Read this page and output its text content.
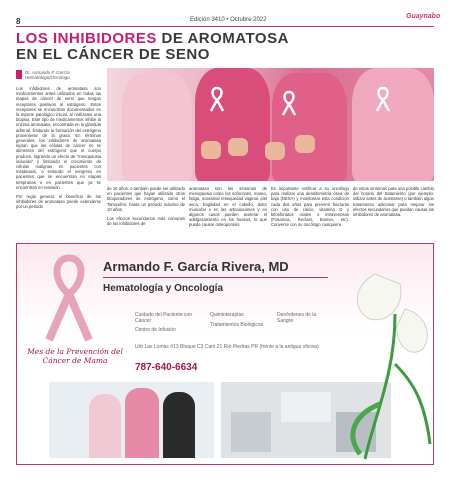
8	Edición 3410 • Octubre 2022	Guaynabo
LOS INHIBIDORES DE AROMATOSA
EN EL CÁNCER DE SENO
Dr. Armando F. García Hematólogo/Oncólogo

Los inhibidores de aromatasa son medicamentos antes utilizados en todas las etapas de cáncer de seno que tengan receptores positivos al estrógeno. Estos receptores se encuentran documentados en la reporte patológico inicial, al realizarse una biopsia. Este tipo de medicamentos inhibe la enzima aromatasa, encontrada en la glándula adrenal, limitando la formación del estrógeno proveniente de la grasa. En términos generales, los inhibidores de aromatasa logran que las células de cáncer no se alimenten del estrógeno que el cuerpo produce, logrando un efecto de "menopausia inducida" y limitando el crecimiento de células malignas en pacientes con metástasis, o evitando el reingreso en pacientes que se encuentran en etapas tempranas o en pacientes que ya se encuentran en remisión.

Por regla general, el beneficio de los inhibidores de aromatasa puede extenderse por un periodo

de 10 años, o también puede ser utilizado en pacientes que hayan utilizado otros bloqueadores de estrógeno, como el Tamoxifen, hasta un periodo máximo de 10 años.

Los efectos secundarios más comunes de los inhibidores de

aromatasa son los síntomas de menopausia como los sofocones, mareo, fatiga, ocasional resequedad vaginal, piel seca, fragilidad en el cabello, dolor muscular o en las articulaciones y en algunos casos pueden acelerar el adelgazamiento en los huesos, lo que puede causar osteoporosis.

Es importante notificar a su oncólogo para realizar una densitometría ósea de baja (DEXA) y monitorear esta condición cada dos años para prevenir fracturas con uso de calcio, vitamina D y bifosfonatos orales o intravenosos (Fosamax, Reclast, Boniva, etc). Converse con su oncólogo cualquiera

de estos síntomas para una posible cambio del horario del tratamiento (por ejemplo: utilizar antes de acostarse) o también algún tratamiento adicional para mejorar los efectos secundarios que puedan causar los inhibidores de aromatasa.

Armando F. García Rivera, MD
Hematología y Oncología
Mes de la Prevención del Cáncer de Mama
Cuidado del Paciente con Cáncer
Quimioterapias
Centro de Infusión
Tratamientos Biológicos
Desórdenes de la Sangre
Urb Las Lomas #13 Bloque C3 Cant 21 Río Piedras PR (frente a la antigua oficina)
787-640-6634
